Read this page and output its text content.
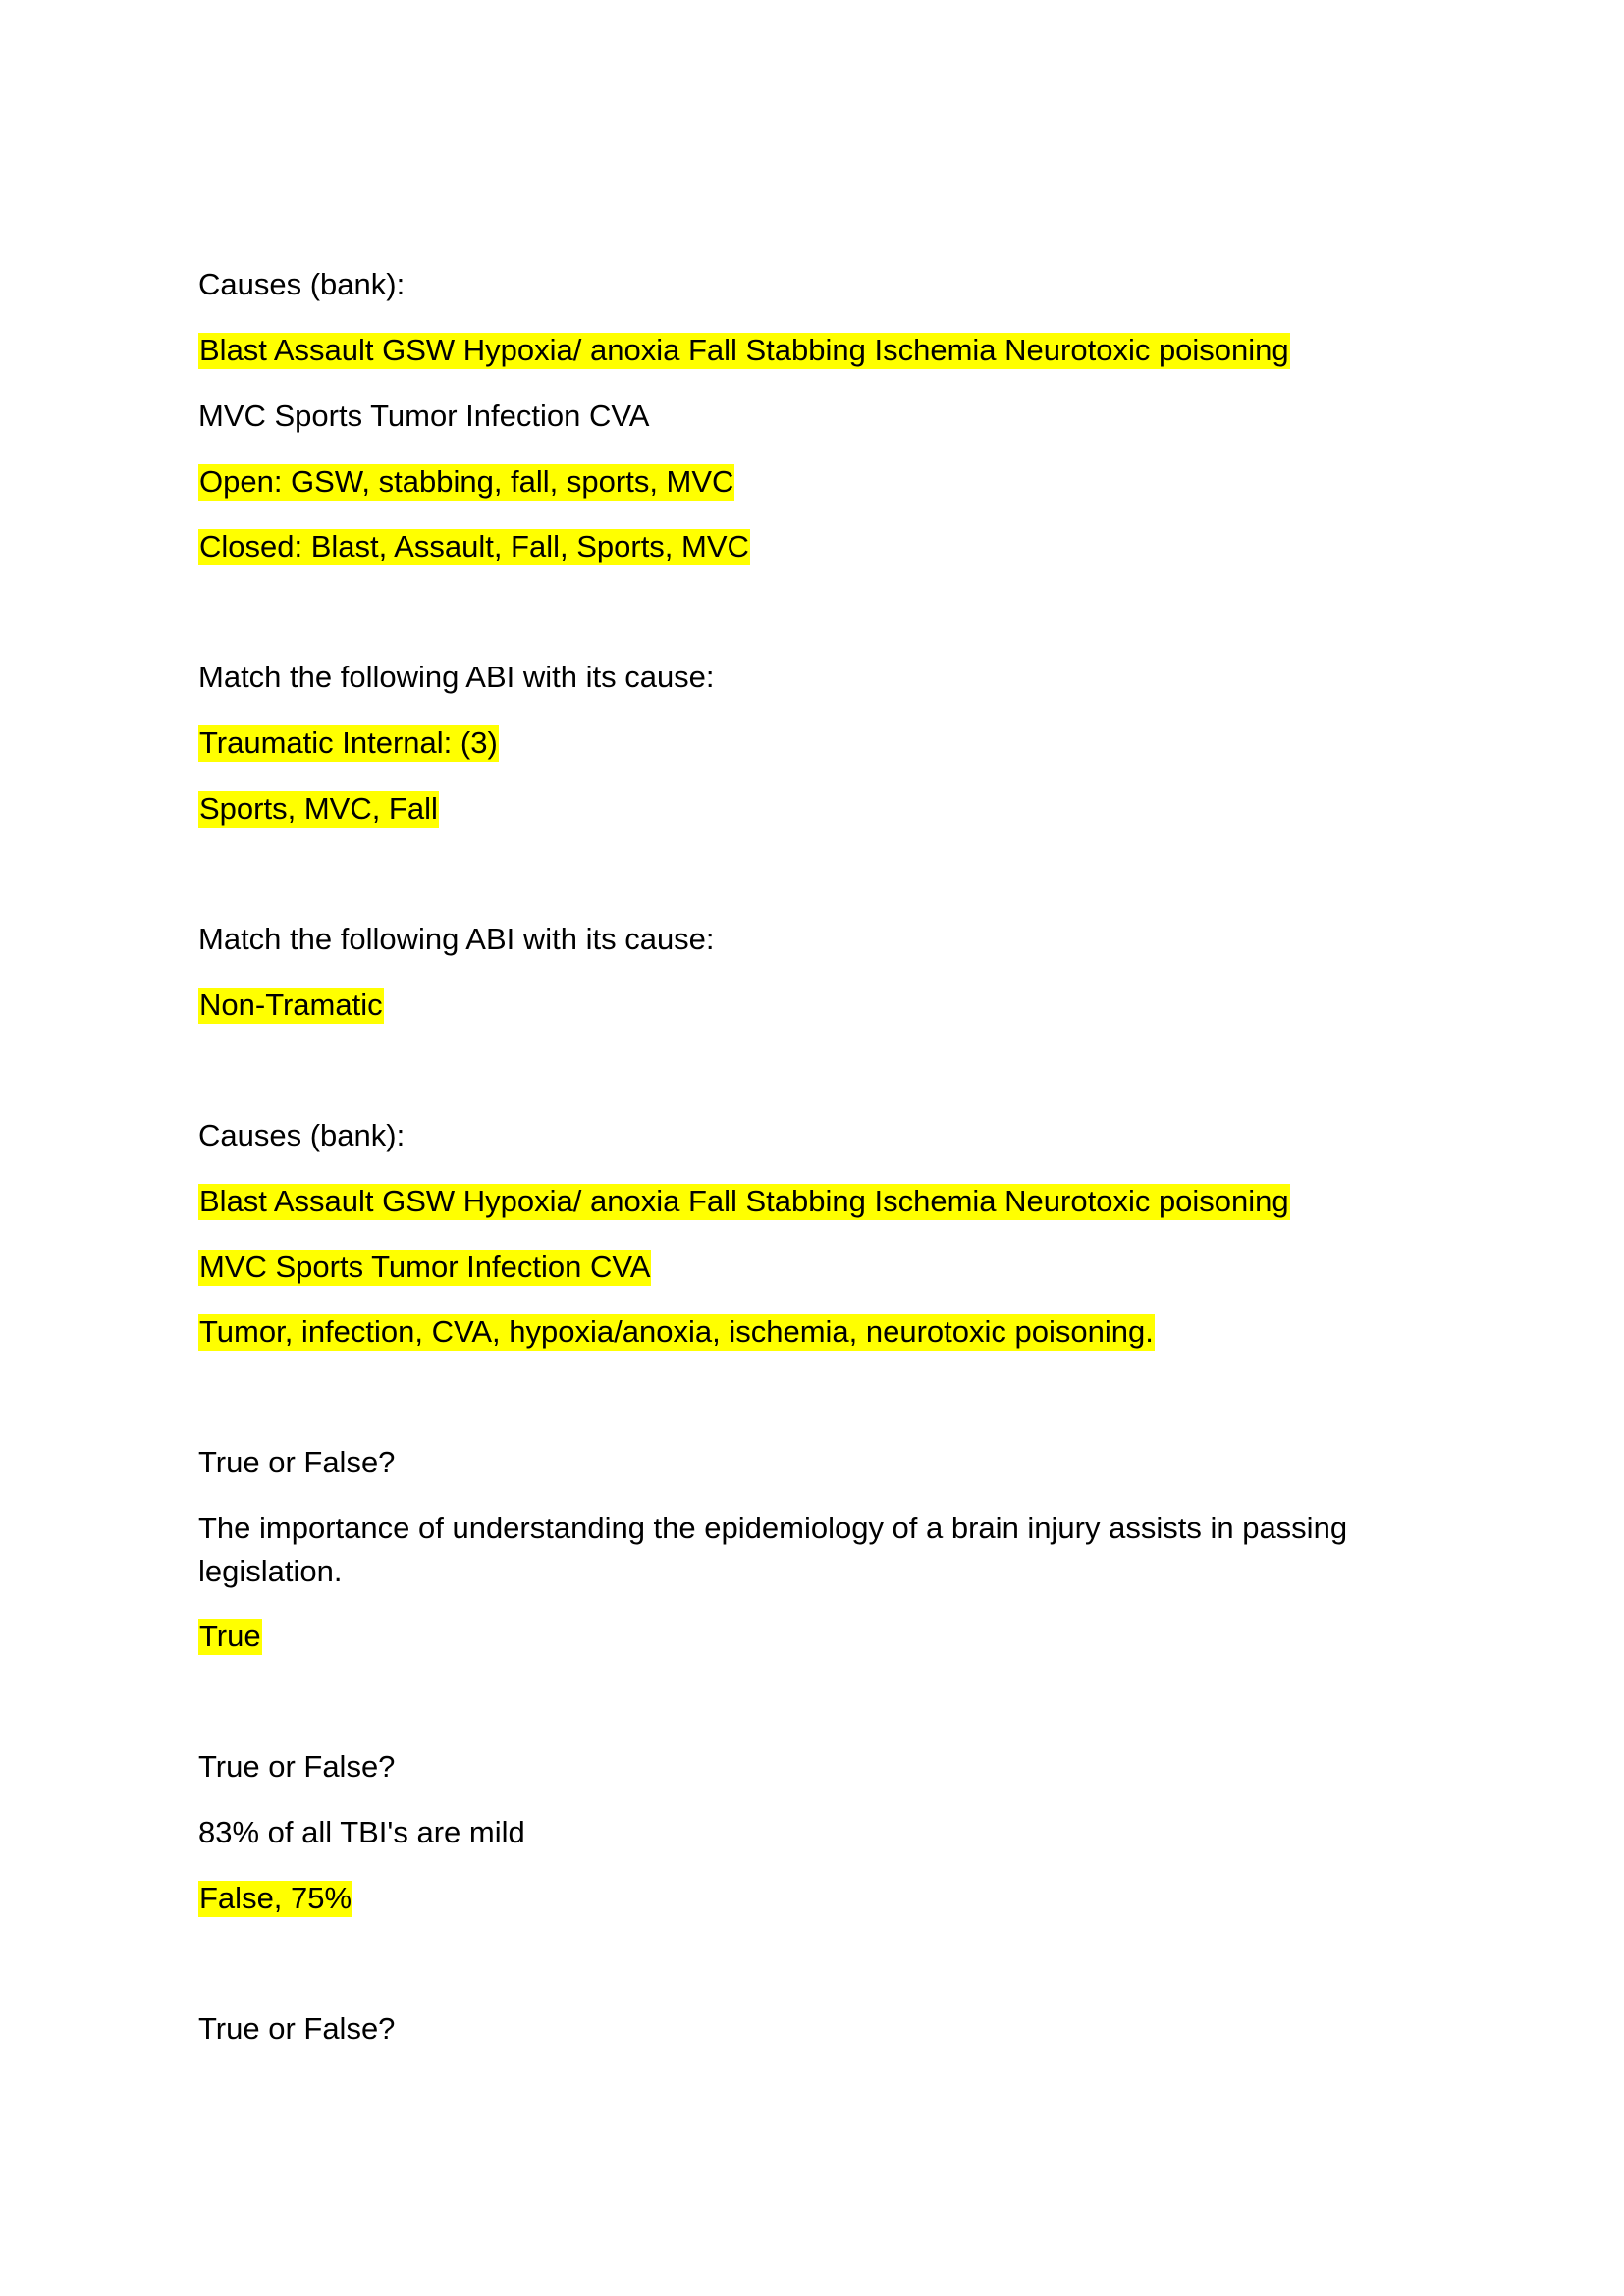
Causes (bank):
Blast Assault GSW Hypoxia/ anoxia Fall Stabbing Ischemia Neurotoxic poisoning
MVC Sports Tumor Infection CVA
Open: GSW, stabbing, fall, sports, MVC
Closed: Blast, Assault, Fall, Sports, MVC
Match the following ABI with its cause:
Traumatic Internal: (3)
Sports, MVC, Fall
Match the following ABI with its cause:
Non-Tramatic
Causes (bank):
Blast Assault GSW Hypoxia/ anoxia Fall Stabbing Ischemia Neurotoxic poisoning
MVC Sports Tumor Infection CVA
Tumor, infection, CVA, hypoxia/anoxia, ischemia, neurotoxic poisoning.
True or False?
The importance of understanding the epidemiology of a brain injury assists in passing legislation.
True
True or False?
83% of all TBI's are mild
False, 75%
True or False?
